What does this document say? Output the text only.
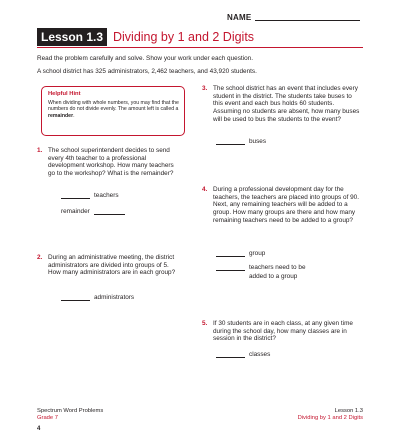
NAME
Lesson 1.3 Dividing by 1 and 2 Digits
Read the problem carefully and solve. Show your work under each question.
A school district has 325 administrators, 2,462 teachers, and 43,920 students.
Helpful Hint
When dividing with whole numbers, you may find that the numbers do not divide evenly. The amount left is called a remainder.
1. The school superintendent decides to send every 4th teacher to a professional development workshop. How many teachers go to the workshop? What is the remainder?
teachers
remainder
2. During an administrative meeting, the district administrators are divided into groups of 5. How many administrators are in each group?
administrators
3. The school district has an event that includes every student in the district. The students take buses to this event and each bus holds 60 students. Assuming no students are absent, how many buses will be used to bus the students to the event?
buses
4. During a professional development day for the teachers, the teachers are placed into groups of 90. Next, any remaining teachers will be added to a group. How many groups are there and how many remaining teachers need to be added to a group?
group
teachers need to be
added to a group
5. If 30 students are in each class, at any given time during the school day, how many classes are in session in the district?
classes
Spectrum Word Problems
Grade 7
Lesson 1.3
Dividing by 1 and 2 Digits
4
